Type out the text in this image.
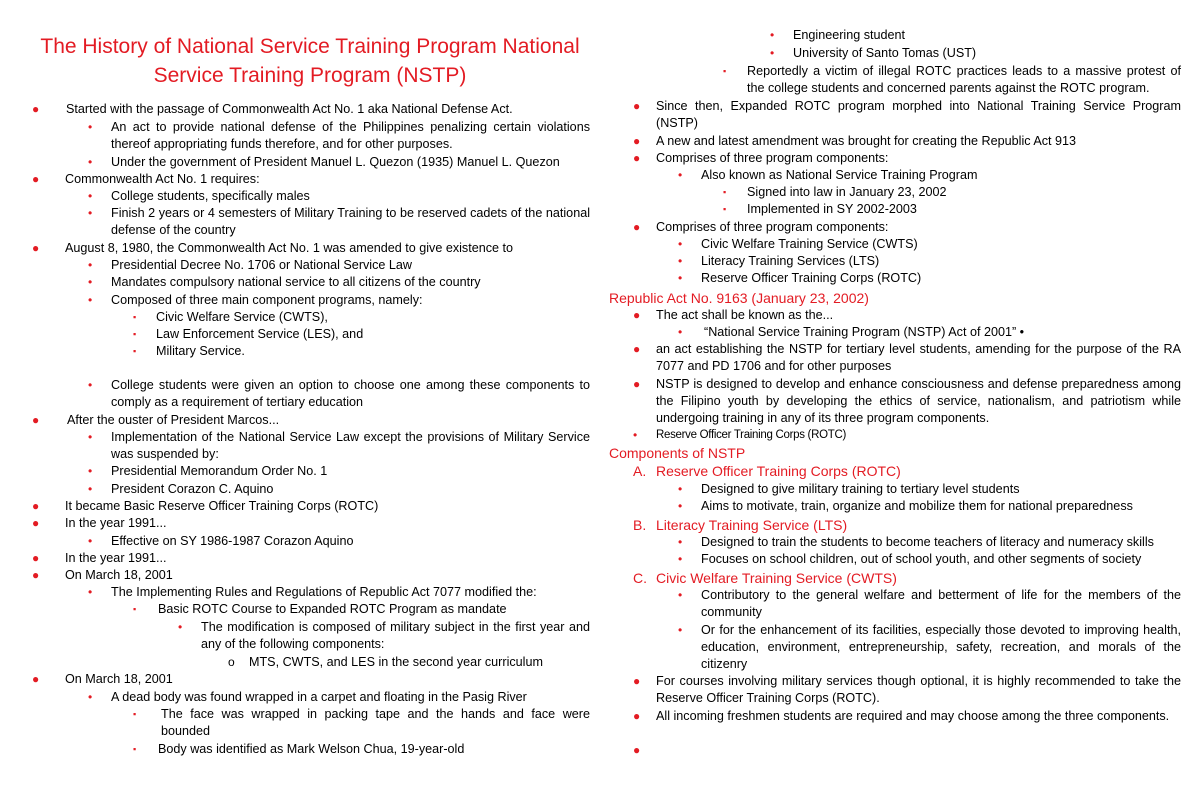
The History of National Service Training Program National Service Training Program (NSTP)
● Started with the passage of Commonwealth Act No. 1 aka National Defense Act.
• An act to provide national defense of the Philippines penalizing certain violations thereof appropriating funds therefore, and for other purposes.
• Under the government of President Manuel L. Quezon (1935) Manuel L. Quezon
● Commonwealth Act No. 1 requires:
• College students, specifically males
• Finish 2 years or 4 semesters of Military Training to be reserved cadets of the national defense of the country
● August 8, 1980, the Commonwealth Act No. 1 was amended to give existence to
• Presidential Decree No. 1706 or National Service Law
• Mandates compulsory national service to all citizens of the country
• Composed of three main component programs, namely:
▪ Civic Welfare Service (CWTS),
▪ Law Enforcement Service (LES), and
▪ Military Service.
• College students were given an option to choose one among these components to comply as a requirement of tertiary education
● After the ouster of President Marcos...
• Implementation of the National Service Law except the provisions of Military Service was suspended by:
• Presidential Memorandum Order No. 1
• President Corazon C. Aquino
● It became Basic Reserve Officer Training Corps (ROTC)
● In the year 1991...
• Effective on SY 1986-1987 Corazon Aquino
● In the year 1991...
● On March 18, 2001
• The Implementing Rules and Regulations of Republic Act 7077 modified the:
▪ Basic ROTC Course to Expanded ROTC Program as mandate
• The modification is composed of military subject in the first year and any of the following components:
o MTS, CWTS, and LES in the second year curriculum
● On March 18, 2001
• A dead body was found wrapped in a carpet and floating in the Pasig River
▪ The face was wrapped in packing tape and the hands and face were bounded
▪ Body was identified as Mark Welson Chua, 19-year-old
• Engineering student
• University of Santo Tomas (UST)
▪ Reportedly a victim of illegal ROTC practices leads to a massive protest of the college students and concerned parents against the ROTC program.
● Since then, Expanded ROTC program morphed into National Training Service Program (NSTP)
● A new and latest amendment was brought for creating the Republic Act 913
● Comprises of three program components:
• Also known as National Service Training Program
▪ Signed into law in January 23, 2002
▪ Implemented in SY 2002-2003
● Comprises of three program components:
• Civic Welfare Training Service (CWTS)
• Literacy Training Services (LTS)
• Reserve Officer Training Corps (ROTC)
Republic Act No. 9163 (January 23, 2002)
● The act shall be known as the...
• “National Service Training Program (NSTP) Act of 2001” •
● an act establishing the NSTP for tertiary level students, amending for the purpose of the RA 7077 and PD 1706 and for other purposes
● NSTP is designed to develop and enhance consciousness and defense preparedness among the Filipino youth by developing the ethics of service, nationalism, and patriotism while undergoing training in any of its three program components.
• Reserve Officer Training Corps (ROTC)
Components of NSTP
A. Reserve Officer Training Corps (ROTC)
• Designed to give military training to tertiary level students
• Aims to motivate, train, organize and mobilize them for national preparedness
B. Literacy Training Service (LTS)
• Designed to train the students to become teachers of literacy and numeracy skills
• Focuses on school children, out of school youth, and other segments of society
C. Civic Welfare Training Service (CWTS)
• Contributory to the general welfare and betterment of life for the members of the community
• Or for the enhancement of its facilities, especially those devoted to improving health, education, environment, entrepreneurship, safety, recreation, and morals of the citizenry
● For courses involving military services though optional, it is highly recommended to take the Reserve Officer Training Corps (ROTC).
● All incoming freshmen students are required and may choose among the three components.
●
